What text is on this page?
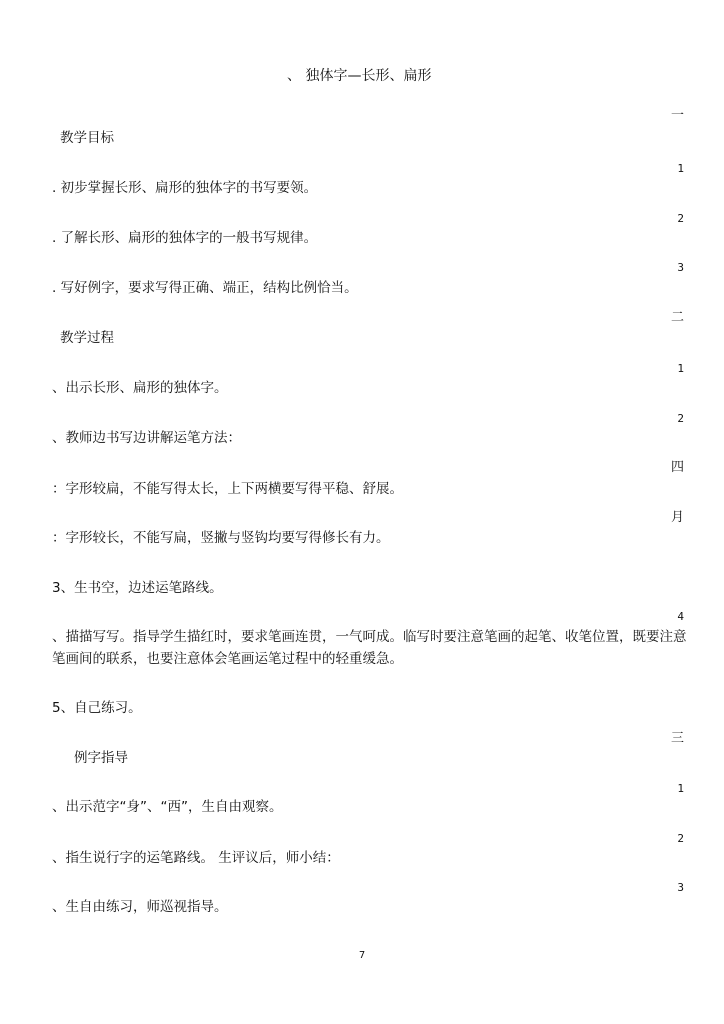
、 独体字—长形、扁形
一
1
2
3
二
1
2
四
月
4
三
1
2
3
教学目标
. 初步掌握长形、扁形的独体字的书写要领。
. 了解长形、扁形的独体字的一般书写规律。
. 写好例字，要求写得正确、端正，结构比例恰当。
教学过程
、出示长形、扁形的独体字。
、教师边书写边讲解运笔方法：
：字形较扁，不能写得太长，上下两横要写得平稳、舒展。
：字形较长，不能写扁，竖撇与竖钩均要写得修长有力。
3、生书空，边述运笔路线。
、描描写写。指导学生描红时，要求笔画连贯，一气呵成。临写时要注意笔画的起笔、收笔位置，既要注意笔画间的联系，也要注意体会笔画运笔过程中的轻重缓急。
5、自己练习。
例字指导
、出示范字“身”、“西”，生自由观察。
、指生说行字的运笔路线。 生评议后，师小结：
、生自由练习，师巡视指导。
7
